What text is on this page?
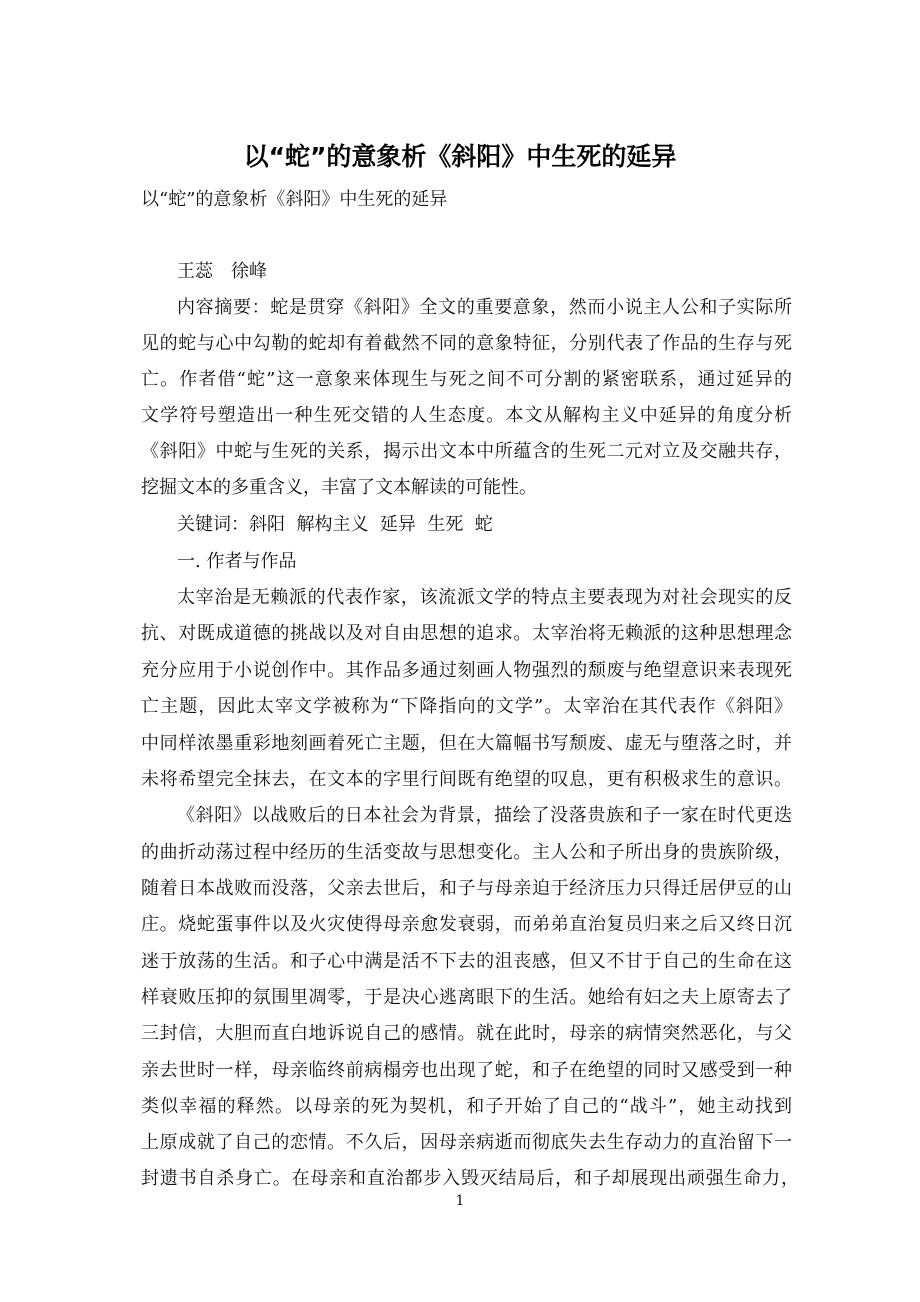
以“蛇”的意象析《斜阳》中生死的延异
以“蛇”的意象析《斜阳》中生死的延异
王蕊　徐峰
内容摘要：蛇是贯穿《斜阳》全文的重要意象，然而小说主人公和子实际所
见的蛇与心中勾勒的蛇却有着截然不同的意象特征，分别代表了作品的生存与死
亡。作者借“蛇”这一意象来体现生与死之间不可分割的紧密联系，通过延异的
文学符号塑造出一种生死交错的人生态度。本文从解构主义中延异的角度分析
《斜阳》中蛇与生死的关系，揭示出文本中所蕴含的生死二元对立及交融共存，
挖掘文本的多重含义，丰富了文本解读的可能性。
关键词：斜阳  解构主义  延异  生死  蛇
一. 作者与作品
太宰治是无赖派的代表作家，该流派文学的特点主要表现为对社会现实的反
抗、对既成道德的挑战以及对自由思想的追求。太宰治将无赖派的这种思想理念
充分应用于小说创作中。其作品多通过刻画人物强烈的颓废与绝望意识来表现死
亡主题，因此太宰文学被称为“下降指向的文学”。太宰治在其代表作《斜阳》
中同样浓墨重彩地刻画着死亡主题，但在大篇幅书写颓废、虚无与堕落之时，并
未将希望完全抹去，在文本的字里行间既有绝望的叹息，更有积极求生的意识。
《斜阳》以战败后的日本社会为背景，描绘了没落贵族和子一家在时代更迭
的曲折动荡过程中经历的生活变故与思想变化。主人公和子所出身的贵族阶级，
随着日本战败而没落，父亲去世后，和子与母亲迫于经济压力只得迁居伊豆的山
庄。烧蛇蛋事件以及火灾使得母亲愈发衰弱，而弟弟直治复员归来之后又终日沉
迷于放荡的生活。和子心中满是活不下去的沮丧感，但又不甘于自己的生命在这
样衰败压抑的氛围里凋零，于是决心逃离眼下的生活。她给有妇之夫上原寄去了
三封信，大胆而直白地诉说自己的感情。就在此时，母亲的病情突然恶化，与父
亲去世时一样，母亲临终前病榻旁也出现了蛇，和子在绝望的同时又感受到一种
类似幸福的释然。以母亲的死为契机，和子开始了自己的“战斗”，她主动找到
上原成就了自己的恋情。不久后，因母亲病逝而彻底失去生存动力的直治留下一
封遗书自杀身亡。在母亲和直治都步入毁灭结局后，和子却展现出顽强生命力，
1
